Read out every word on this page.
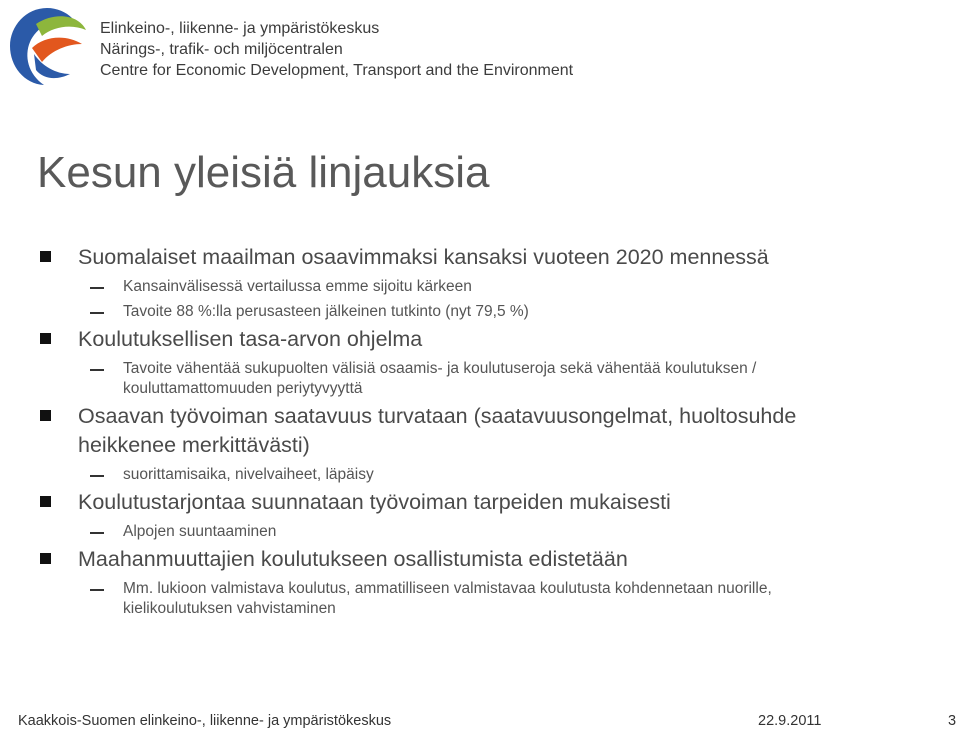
Elinkeino-, liikenne- ja ympäristökeskus
Närings-, trafik- och miljöcentralen
Centre for Economic Development, Transport and the Environment
Kesun yleisiä linjauksia
Suomalaiset maailman osaavimmaksi kansaksi vuoteen 2020 mennessä
Kansainvälisessä vertailussa emme sijoitu kärkeen
Tavoite 88 %:lla perusasteen jälkeinen tutkinto (nyt 79,5 %)
Koulutuksellisen tasa-arvon ohjelma
Tavoite vähentää sukupuolten välisiä osaamis- ja koulutuseroja sekä vähentää koulutuksen / kouluttamattomuuden periytyvyyttä
Osaavan työvoiman saatavuus turvataan (saatavuusongelmat, huoltosuhde heikkenee merkittävästi)
suorittamisaika, nivelvaiheet, läpäisy
Koulutustarjontaa suunnataan työvoiman tarpeiden mukaisesti
Alpojen suuntaaminen
Maahanmuuttajien koulutukseen osallistumista edistetään
Mm. lukioon valmistava koulutus, ammatilliseen valmistavaa koulutusta kohdennetaan nuorille, kielikoulutuksen vahvistaminen
Kaakkois-Suomen elinkeino-, liikenne- ja ympäristökeskus	22.9.2011	3
